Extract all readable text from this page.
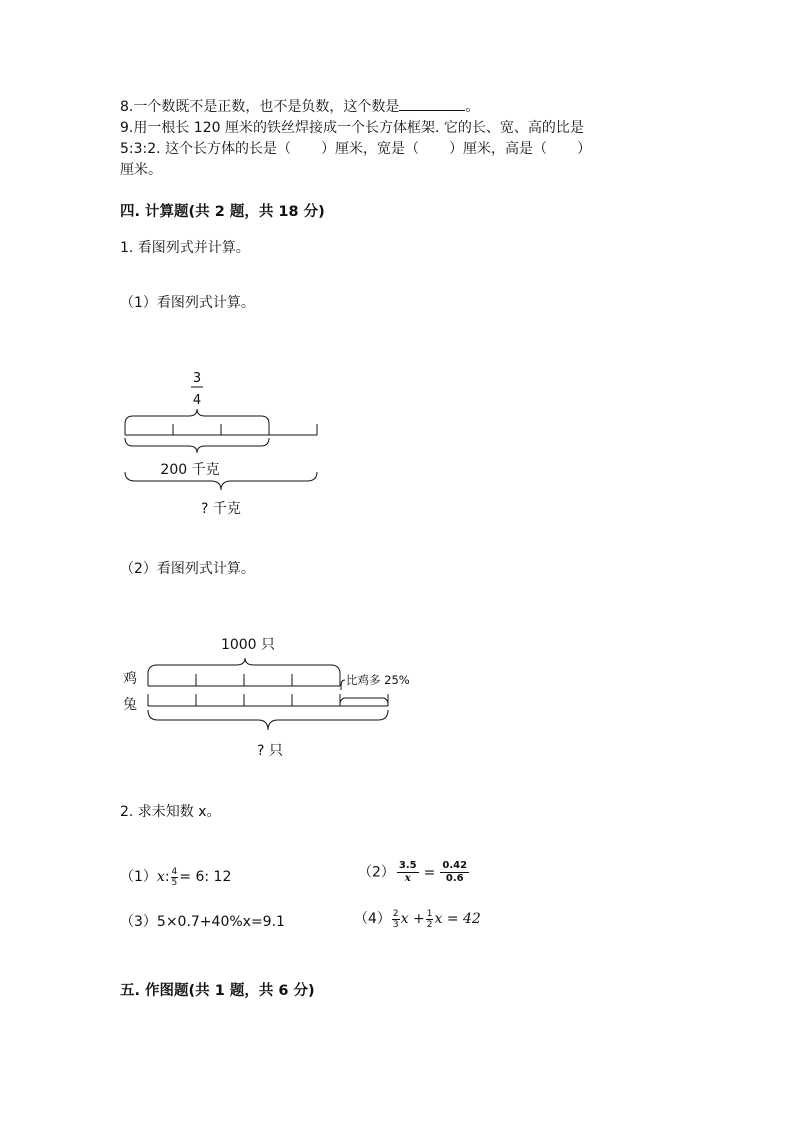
8.一个数既不是正数，也不是负数，这个数是	。
9.用一根长 120 厘米的铁丝焊接成一个长方体框架. 它的长、宽、高的比是
5:3:2. 这个长方体的长是（ ）厘米，宽是（ ）厘米，高是（ ）
厘米。
四. 计算题(共 2 题，共 18 分)
1. 看图列式并计算。
（1）看图列式计算。
3
4
200 千克
? 千克
（2）看图列式计算。
1000 只
鸡	比鸡多 25%
兔
? 只
2. 求未知数 x。
（1）x: $\frac{4}{5} = 6$: 12	$(2) \frac{3.5}{x} = \frac{0.42}{0.6}$
（3）5×0.7+40%x=9.1	$(4) \frac{2}{3}$ $x + \frac{1}{2}$ x = 42
五. 作图题(共 1 题，共 6 分)
